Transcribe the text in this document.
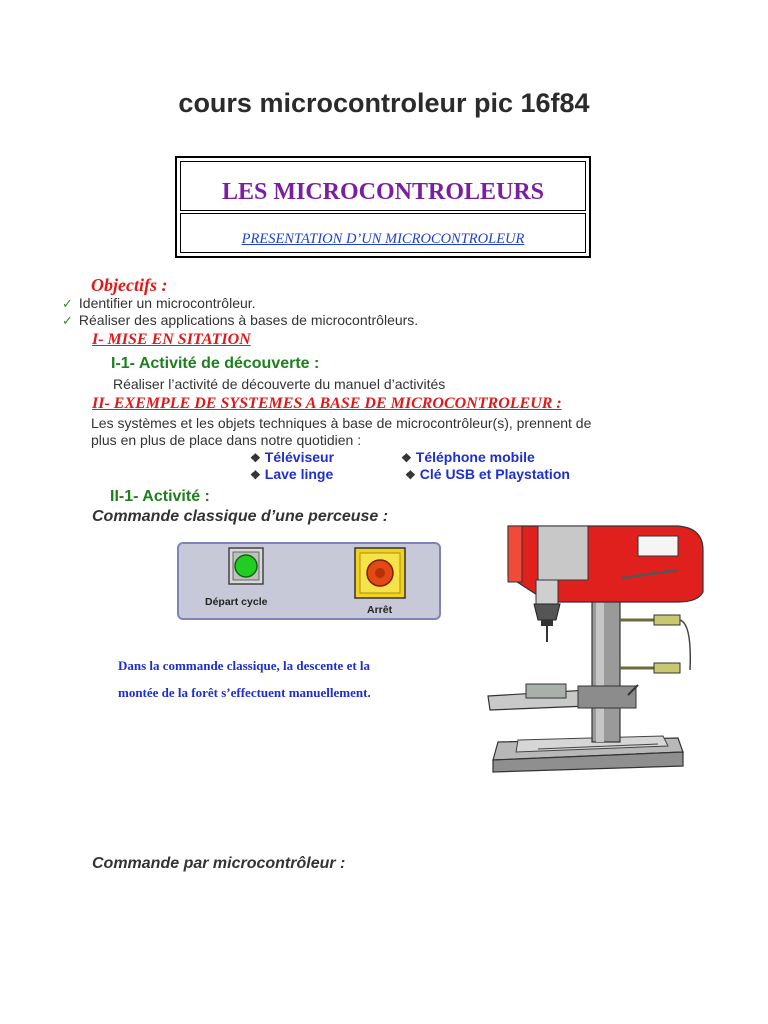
cours microcontroleur pic 16f84
LES MICROCONTROLEURS
PRESENTATION D’UN MICROCONTROLEUR
Objectifs :
✓ Identifier un microcontrôleur.
✓ Réaliser des applications à bases de microcontrôleurs.
I- MISE EN SITATION
I-1- Activité de découverte :
Réaliser l’activité de découverte du manuel d’activités
II- EXEMPLE DE SYSTEMES A BASE DE MICROCONTROLEUR :
Les systèmes et les objets techniques à base de microcontrôleur(s), prennent de
plus en plus de place dans notre quotidien :
❖ Téléviseur	❖ Téléphone mobile
❖ Lave linge	❖ Clé USB et Playstation
II-1- Activité :
Commande classique d’une perceuse :
Départ cycle
Arrêt
Dans la commande classique, la descente et la
montée de la forêt s’effectuent manuellement.
Commande par microcontrôleur :
